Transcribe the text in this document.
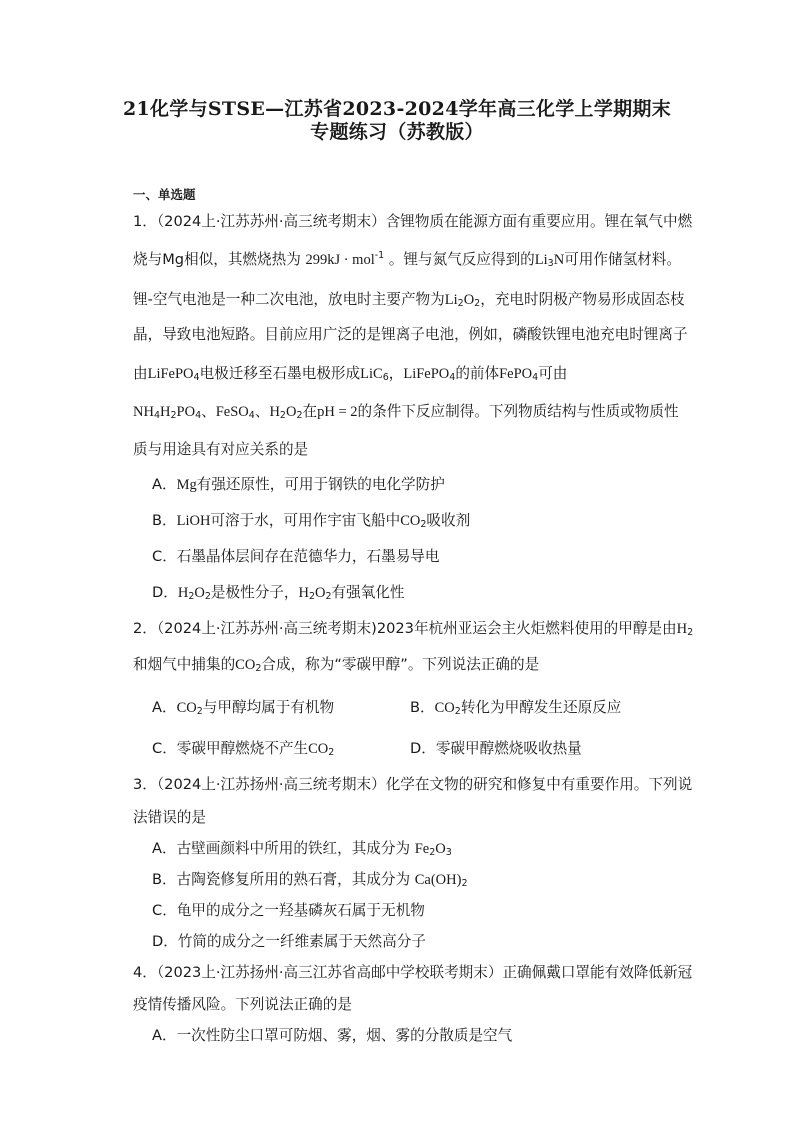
21化学与STSE—江苏省2023-2024学年高三化学上学期期末
专题练习（苏教版）
一、单选题
1．（2024上·江苏苏州·高三统考期末）含锂物质在能源方面有重要应用。锂在氧气中燃
烧与Mg相似，其燃烧热为 299kJ · mol$^{-1}$ 。锂与氮气反应得到的$Li_3N$可用作储氢材料。
锂-空气电池是一种二次电池，放电时主要产物为$Li_2O_2$，充电时阴极产物易形成固态枝
晶，导致电池短路。目前应用广泛的是锂离子电池，例如，磷酸铁锂电池充电时锂离子
由LiFePO$_4$电极迁移至石墨电极形成LiC$_6$，LiFePO$_4$的前体FePO$_4$可由
$NH_4H_2PO_4$、FeSO$_4$、$H_2O_2$在pH = 2的条件下反应制得。下列物质结构与性质或物质性
质与用途具有对应关系的是
A．Mg有强还原性，可用于钢铁的电化学防护
B．LiOH可溶于水，可用作宇宙飞船中$CO_2$吸收剂
C．石墨晶体层间存在范德华力，石墨易导电
D．$H_2O_2$是极性分子，$H_2O_2$有强氧化性
2．（2024上·江苏苏州·高三统考期末)2023年杭州亚运会主火炬燃料使用的甲醇是由$H_2$
和烟气中捕集的$CO_2$合成，称为“零碳甲醇”。下列说法正确的是
A．$CO_2$与甲醇均属于有机物	B．$CO_2$转化为甲醇发生还原反应
C．零碳甲醇燃烧不产生$CO_2$	D．零碳甲醇燃烧吸收热量
3．（2024上·江苏扬州·高三统考期末）化学在文物的研究和修复中有重要作用。下列说
法错误的是
A．古壁画颜料中所用的铁红，其成分为 $Fe_2O_3$
B．古陶瓷修复所用的熟石膏，其成分为 $Ca(OH)_2$
C．龟甲的成分之一羟基磷灰石属于无机物
D．竹简的成分之一纤维素属于天然高分子
4．（2023上·江苏扬州·高三江苏省高邮中学校联考期末）正确佩戴口罩能有效降低新冠
疫情传播风险。下列说法正确的是
A．一次性防尘口罩可防烟、雾，烟、雾的分散质是空气
